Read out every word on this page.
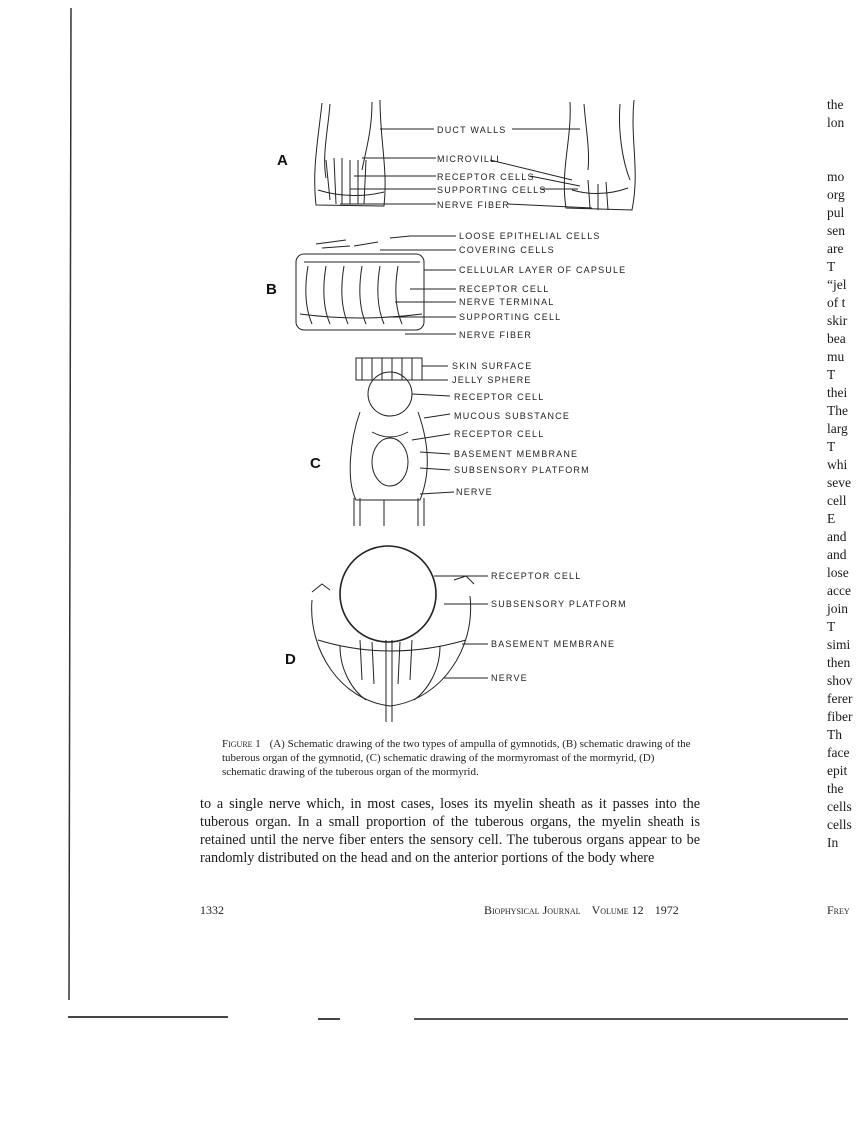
A
DUCT WALLS
MICROVILLI
RECEPTOR CELLS
SUPPORTING CELLS
NERVE FIBER
B
LOOSE EPITHELIAL CELLS
COVERING CELLS
CELLULAR LAYER OF CAPSULE
RECEPTOR CELL
NERVE TERMINAL
SUPPORTING CELL
NERVE FIBER
C
SKIN SURFACE
JELLY SPHERE
RECEPTOR CELL
MUCOUS SUBSTANCE
RECEPTOR CELL
BASEMENT MEMBRANE
SUBSENSORY PLATFORM
NERVE
D
RECEPTOR CELL
SUBSENSORY PLATFORM
BASEMENT MEMBRANE
NERVE
Figure 1 (A) Schematic drawing of the two types of ampulla of gymnotids, (B) schematic drawing of the tuberous organ of the gymnotid, (C) schematic drawing of the mormyromast of the mormyrid, (D) schematic drawing of the tuberous organ of the mormyrid.
to a single nerve which, in most cases, loses its myelin sheath as it passes into the tuberous organ. In a small proportion of the tuberous organs, the myelin sheath is retained until the nerve fiber enters the sensory cell. The tuberous organs appear to be randomly distributed on the head and on the anterior portions of the body where
1332	Biophysical Journal Volume 12 1972	Frey
the
lon
mo
org
pul
sen
are
T
“jel
of t
skir
bea
mu
T
thei
The
larg
T
whi
seve
cell
E
and
and
lose
acce
join
T
simi
then
shov
ferer
fiber
Th
face
epit
the
cells
cells
In
